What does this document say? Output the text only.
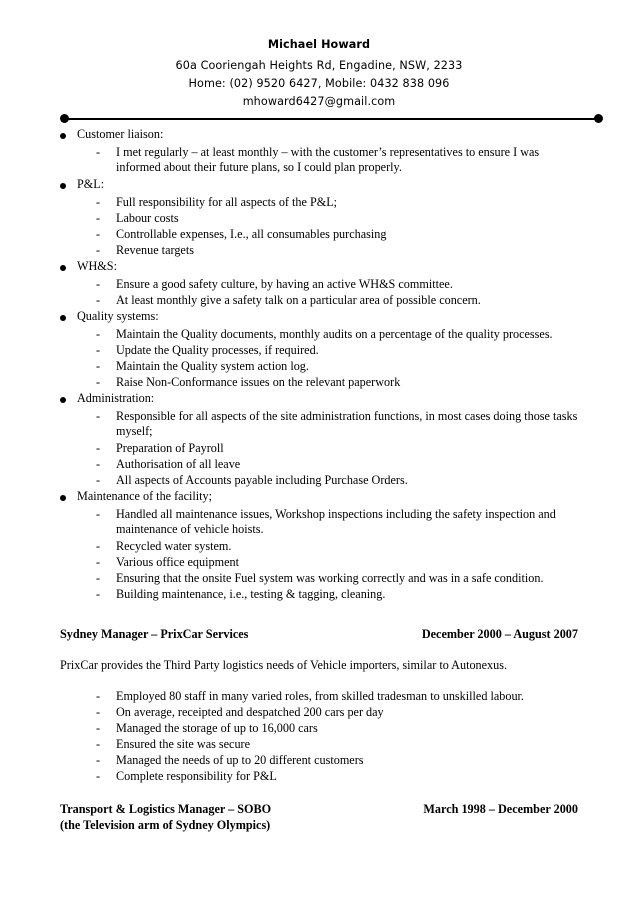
Michael Howard
60a Cooriengah Heights Rd, Engadine, NSW, 2233
Home: (02) 9520 6427, Mobile: 0432 838 096
mhoward6427@gmail.com
Customer liaison:
- I met regularly – at least monthly – with the customer’s representatives to ensure I was informed about their future plans, so I could plan properly.
P&L:
- Full responsibility for all aspects of the P&L;
- Labour costs
- Controllable expenses, I.e., all consumables purchasing
- Revenue targets
WH&S:
- Ensure a good safety culture, by having an active WH&S committee.
- At least monthly give a safety talk on a particular area of possible concern.
Quality systems:
- Maintain the Quality documents, monthly audits on a percentage of the quality processes.
- Update the Quality processes, if required.
- Maintain the Quality system action log.
- Raise Non-Conformance issues on the relevant paperwork
Administration:
- Responsible for all aspects of the site administration functions, in most cases doing those tasks myself;
- Preparation of Payroll
- Authorisation of all leave
- All aspects of Accounts payable including Purchase Orders.
Maintenance of the facility;
- Handled all maintenance issues, Workshop inspections including the safety inspection and maintenance of vehicle hoists.
- Recycled water system.
- Various office equipment
- Ensuring that the onsite Fuel system was working correctly and was in a safe condition.
- Building maintenance, i.e., testing & tagging, cleaning.
Sydney Manager – PrixCar Services	December 2000 – August 2007
PrixCar provides the Third Party logistics needs of Vehicle importers, similar to Autonexus.
- Employed 80 staff in many varied roles, from skilled tradesman to unskilled labour.
- On average, receipted and despatched 200 cars per day
- Managed the storage of up to 16,000 cars
- Ensured the site was secure
- Managed the needs of up to 20 different customers
- Complete responsibility for P&L
Transport & Logistics Manager – SOBO	March 1998 – December 2000
(the Television arm of Sydney Olympics)
